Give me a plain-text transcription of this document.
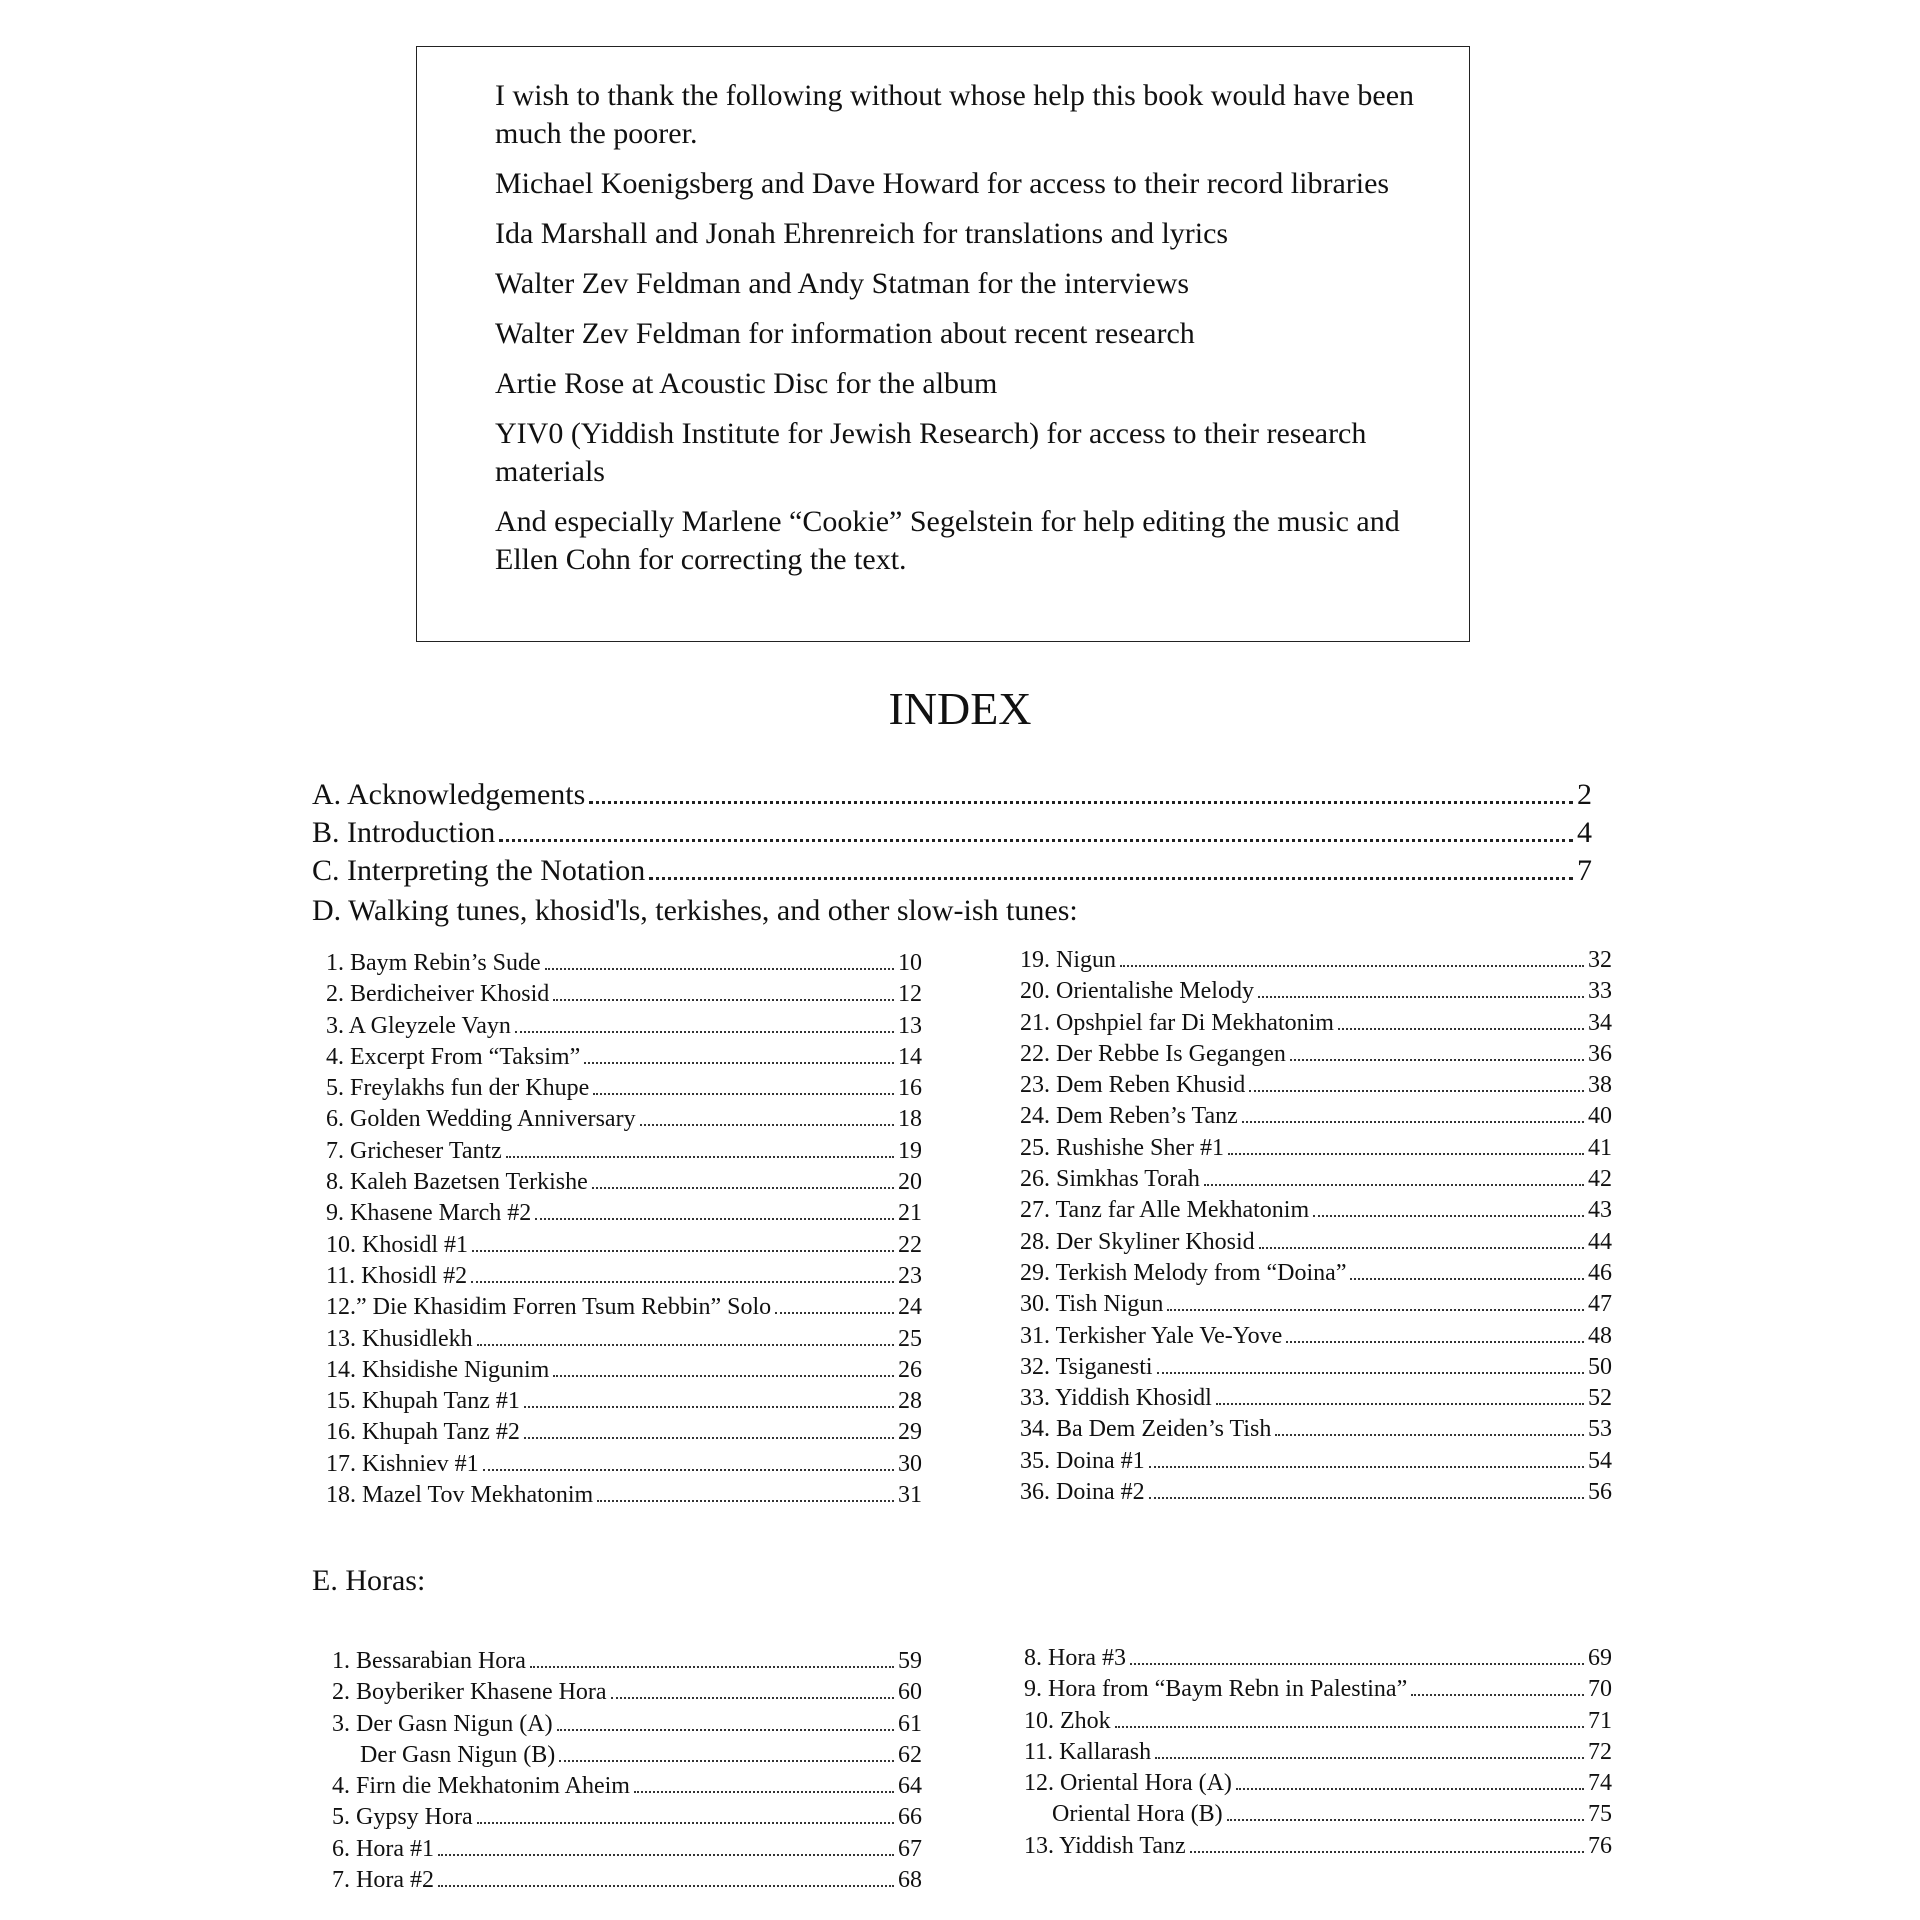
I wish to thank the following without whose help this book would have been much the poorer.

Michael Koenigsberg and Dave Howard for access to their record libraries

Ida Marshall and Jonah Ehrenreich for translations and lyrics

Walter Zev Feldman and Andy Statman for the interviews

Walter Zev Feldman for information about recent research

Artie Rose at Acoustic Disc for the album

YIV0 (Yiddish Institute for Jewish Research) for access to their research materials

And especially Marlene “Cookie” Segelstein for help editing the music and Ellen Cohn for correcting the text.

INDEX
A. Acknowledgements	2
B. Introduction	4
C. Interpreting the Notation	7
D. Walking tunes, khosid'ls, terkishes, and other slow-ish tunes:
1. Baym Rebin’s Sude	10
2. Berdicheiver Khosid	12
3. A Gleyzele Vayn	13
4. Excerpt From “Taksim”	14
5. Freylakhs fun der Khupe	16
6. Golden Wedding Anniversary	18
7. Gricheser Tantz	19
8. Kaleh Bazetsen Terkishe	20
9. Khasene March #2	21
10. Khosidl #1	22
11. Khosidl #2	23
12.” Die Khasidim Forren Tsum Rebbin” Solo	24
13. Khusidlekh	25
14. Khsidishe Nigunim	26
15. Khupah Tanz #1	28
16. Khupah Tanz #2	29
17. Kishniev #1	30
18. Mazel Tov Mekhatonim	31
19. Nigun	32
20. Orientalishe Melody	33
21. Opshpiel far Di Mekhatonim	34
22. Der Rebbe Is Gegangen	36
23. Dem Reben Khusid	38
24. Dem Reben’s Tanz	40
25. Rushishe Sher #1	41
26. Simkhas Torah	42
27. Tanz far Alle Mekhatonim	43
28. Der Skyliner Khosid	44
29. Terkish Melody from “Doina”	46
30. Tish Nigun	47
31. Terkisher Yale Ve-Yove	48
32. Tsiganesti	50
33. Yiddish Khosidl	52
34. Ba Dem Zeiden’s Tish	53
35. Doina #1	54
36. Doina #2	56
E. Horas:
1. Bessarabian Hora	59
2. Boyberiker Khasene Hora	60
3. Der Gasn Nigun (A)	61
Der Gasn Nigun (B)	62
4. Firn die Mekhatonim Aheim	64
5. Gypsy Hora	66
6. Hora #1	67
7. Hora #2	68
8. Hora #3	69
9. Hora from “Baym Rebn in Palestina”	70
10. Zhok	71
11. Kallarash	72
12. Oriental Hora (A)	74
Oriental Hora (B)	75
13. Yiddish Tanz	76
